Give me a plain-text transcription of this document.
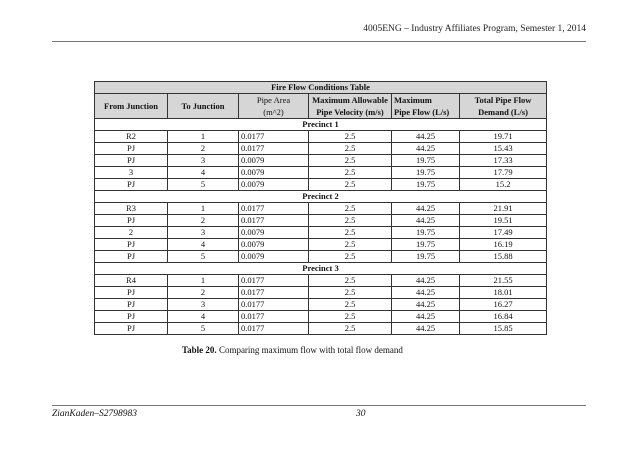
4005ENG – Industry Affiliates Program, Semester 1, 2014
Fire Flow Conditions Table					
From Junction	To Junction	Pipe Area	Maximum Allowable	Maximum	Total Pipe Flow
		(m^2)	Pipe Velocity (m/s)	Pipe Flow (L/s)	Demand (L/s)
Precinct 1					
R2	1	0.0177	2.5	44.25	19.71
PJ	2	0.0177	2.5	44.25	15.43
PJ	3	0.0079	2.5	19.75	17.33
3	4	0.0079	2.5	19.75	17.79
PJ	5	0.0079	2.5	19.75	15.2
Precinct 2					
R3	1	0.0177	2.5	44.25	21.91
PJ	2	0.0177	2.5	44.25	19.51
2	3	0.0079	2.5	19.75	17.49
PJ	4	0.0079	2.5	19.75	16.19
PJ	5	0.0079	2.5	19.75	15.88
Precinct 3					
R4	1	0.0177	2.5	44.25	21.55
PJ	2	0.0177	2.5	44.25	18.01
PJ	3	0.0177	2.5	44.25	16.27
PJ	4	0.0177	2.5	44.25	16.84
PJ	5	0.0177	2.5	44.25	15.85
Table 20. Comparing maximum flow with total flow demand
ZianKaden–S2798983	30
